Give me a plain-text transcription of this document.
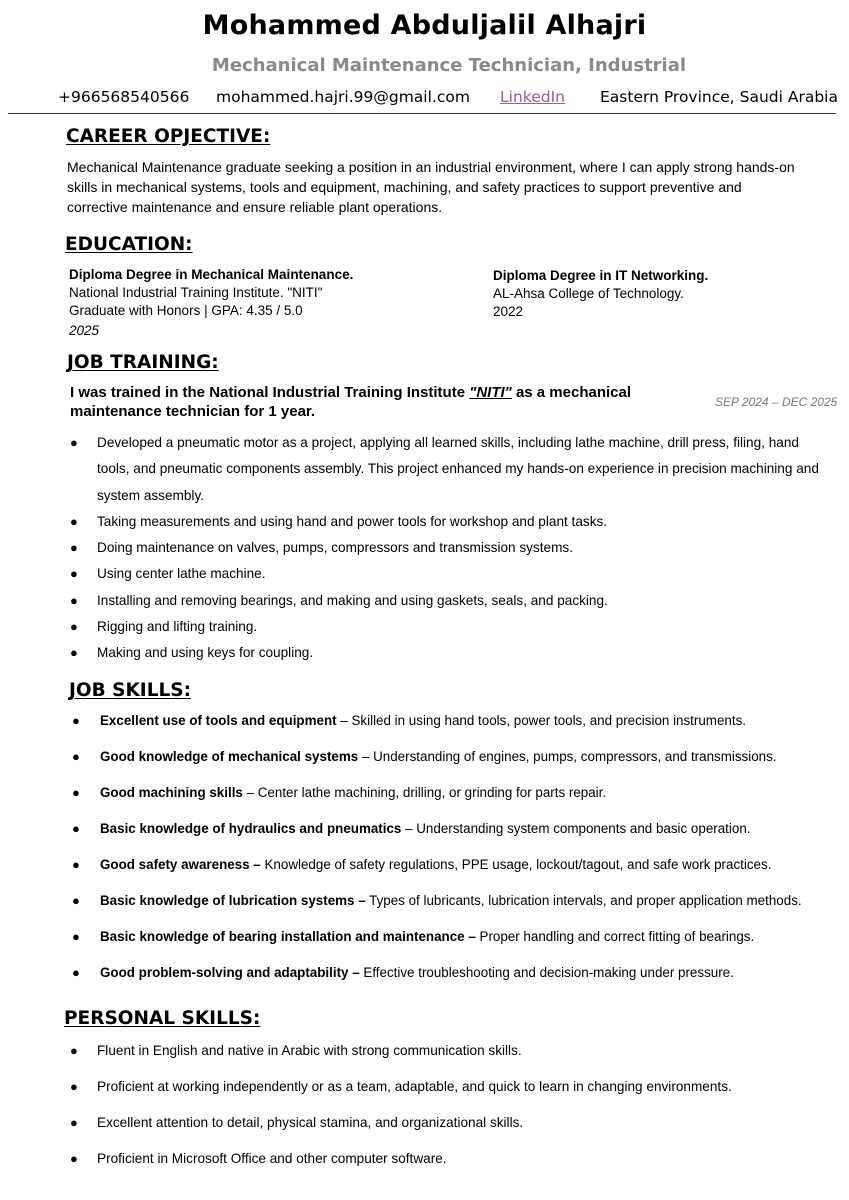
Mohammed Abduljalil Alhajri
Mechanical Maintenance Technician, Industrial
+966568540566 mohammed.hajri.99@gmail.com LinkedIn Eastern Province, Saudi Arabia
CAREER OPJECTIVE:
Mechanical Maintenance graduate seeking a position in an industrial environment, where I can apply strong hands-on skills in mechanical systems, tools and equipment, machining, and safety practices to support preventive and corrective maintenance and ensure reliable plant operations.
EDUCATION:
Diploma Degree in Mechanical Maintenance.
National Industrial Training Institute. "NITI"
Graduate with Honors | GPA: 4.35 / 5.0
2025
Diploma Degree in IT Networking.
AL-Ahsa College of Technology.
2022
JOB TRAINING:
I was trained in the National Industrial Training Institute "NITI" as a mechanical maintenance technician for 1 year.
SEP 2024 – DEC 2025
● Developed a pneumatic motor as a project, applying all learned skills, including lathe machine, drill press, filing, hand tools, and pneumatic components assembly. This project enhanced my hands-on experience in precision machining and system assembly.
● Taking measurements and using hand and power tools for workshop and plant tasks.
● Doing maintenance on valves, pumps, compressors and transmission systems.
● Using center lathe machine.
● Installing and removing bearings, and making and using gaskets, seals, and packing.
● Rigging and lifting training.
● Making and using keys for coupling.
JOB SKILLS:
● Excellent use of tools and equipment – Skilled in using hand tools, power tools, and precision instruments.
● Good knowledge of mechanical systems – Understanding of engines, pumps, compressors, and transmissions.
● Good machining skills – Center lathe machining, drilling, or grinding for parts repair.
● Basic knowledge of hydraulics and pneumatics – Understanding system components and basic operation.
● Good safety awareness – Knowledge of safety regulations, PPE usage, lockout/tagout, and safe work practices.
● Basic knowledge of lubrication systems – Types of lubricants, lubrication intervals, and proper application methods.
● Basic knowledge of bearing installation and maintenance – Proper handling and correct fitting of bearings.
● Good problem-solving and adaptability – Effective troubleshooting and decision-making under pressure.
PERSONAL SKILLS:
● Fluent in English and native in Arabic with strong communication skills.
● Proficient at working independently or as a team, adaptable, and quick to learn in changing environments.
● Excellent attention to detail, physical stamina, and organizational skills.
● Proficient in Microsoft Office and other computer software.
